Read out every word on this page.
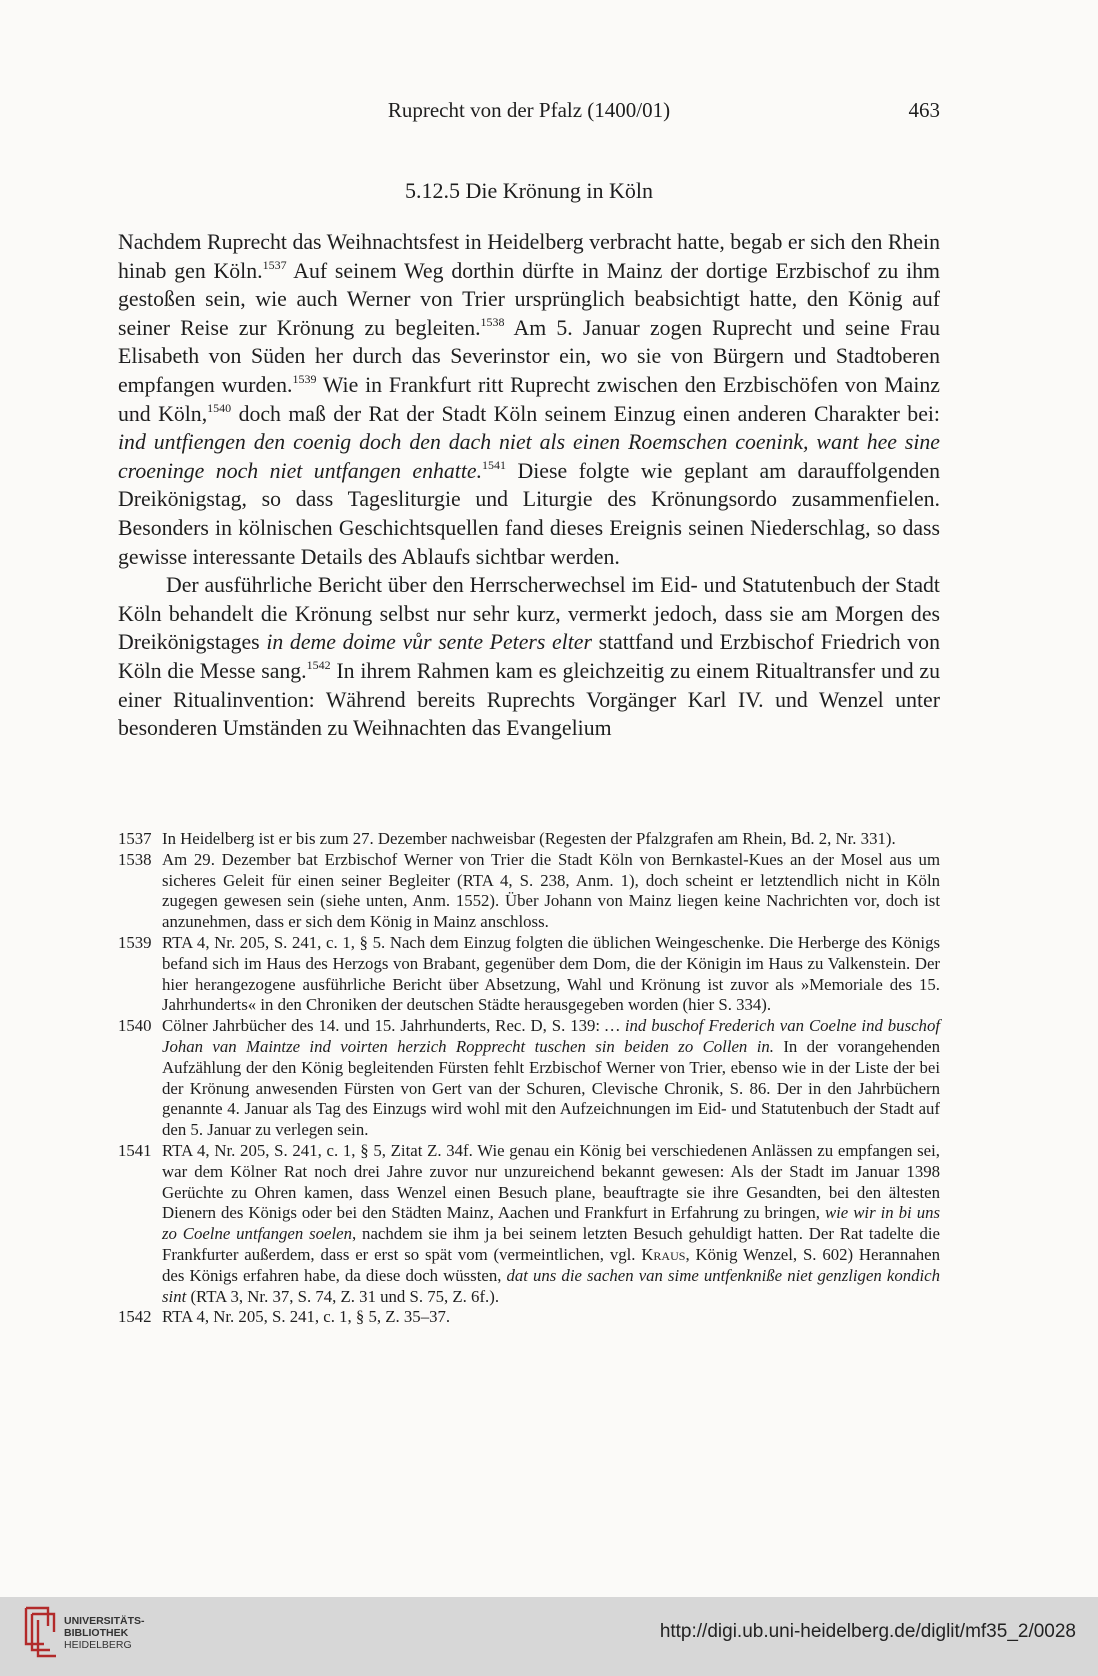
Ruprecht von der Pfalz (1400/01)	463
5.12.5 Die Krönung in Köln

Nachdem Ruprecht das Weihnachtsfest in Heidelberg verbracht hatte, begab er sich den Rhein hinab gen Köln.$^{1537}$ Auf seinem Weg dorthin dürfte in Mainz der dortige Erzbischof zu ihm gestoßen sein, wie auch Werner von Trier ursprünglich beabsichtigt hatte, den König auf seiner Reise zur Krönung zu begleiten.$^{1538}$ Am 5. Januar zogen Ruprecht und seine Frau Elisabeth von Süden her durch das Severinstor ein, wo sie von Bürgern und Stadtoberen empfangen wurden.$^{1539}$ Wie in Frankfurt ritt Ruprecht zwischen den Erzbischöfen von Mainz und Köln,$^{1540}$ doch maß der Rat der Stadt Köln seinem Einzug einen anderen Charakter bei: ind untfiengen den coenig doch den dach niet als einen Roemschen coenink, want hee sine croeninge noch niet untfangen enhatte.$^{1541}$ Diese folgte wie geplant am darauffolgenden Dreikönigstag, so dass Tagesliturgie und Liturgie des Krönungsordo zusammenfielen. Besonders in kölnischen Geschichtsquellen fand dieses Ereignis seinen Niederschlag, so dass gewisse interessante Details des Ablaufs sichtbar werden.

Der ausführliche Bericht über den Herrscherwechsel im Eid- und Statutenbuch der Stadt Köln behandelt die Krönung selbst nur sehr kurz, vermerkt jedoch, dass sie am Morgen des Dreikönigstages in deme doime vůr sente Peters elter stattfand und Erzbischof Friedrich von Köln die Messe sang.$^{1542}$ In ihrem Rahmen kam es gleichzeitig zu einem Ritualtransfer und zu einer Ritualinvention: Während bereits Ruprechts Vorgänger Karl IV. und Wenzel unter besonderen Umständen zu Weihnachten das Evangelium

1537 In Heidelberg ist er bis zum 27. Dezember nachweisbar (Regesten der Pfalzgrafen am Rhein, Bd. 2, Nr. 331).
1538 Am 29. Dezember bat Erzbischof Werner von Trier die Stadt Köln von Bernkastel-Kues an der Mosel aus um sicheres Geleit für einen seiner Begleiter (RTA 4, S. 238, Anm. 1), doch scheint er letztendlich nicht in Köln zugegen gewesen sein (siehe unten, Anm. 1552). Über Johann von Mainz liegen keine Nachrichten vor, doch ist anzunehmen, dass er sich dem König in Mainz anschloss.
1539 RTA 4, Nr. 205, S. 241, c. 1, § 5. Nach dem Einzug folgten die üblichen Weingeschenke. Die Herberge des Königs befand sich im Haus des Herzogs von Brabant, gegenüber dem Dom, die der Königin im Haus zu Valkenstein. Der hier herangezogene ausführliche Bericht über Absetzung, Wahl und Krönung ist zuvor als »Memoriale des 15. Jahrhunderts« in den Chroniken der deutschen Städte herausgegeben worden (hier S. 334).
1540 Cölner Jahrbücher des 14. und 15. Jahrhunderts, Rec. D, S. 139: … ind buschof Frederich van Coelne ind buschof Johan van Maintze ind voirten herzich Ropprecht tuschen sin beiden zo Collen in. In der vorangehenden Aufzählung der den König begleitenden Fürsten fehlt Erzbischof Werner von Trier, ebenso wie in der Liste der bei der Krönung anwesenden Fürsten von Gert van der Schuren, Clevische Chronik, S. 86. Der in den Jahrbüchern genannte 4. Januar als Tag des Einzugs wird wohl mit den Aufzeichnungen im Eid- und Statutenbuch der Stadt auf den 5. Januar zu verlegen sein.
1541 RTA 4, Nr. 205, S. 241, c. 1, § 5, Zitat Z. 34f. Wie genau ein König bei verschiedenen Anlässen zu empfangen sei, war dem Kölner Rat noch drei Jahre zuvor nur unzureichend bekannt gewesen: Als der Stadt im Januar 1398 Gerüchte zu Ohren kamen, dass Wenzel einen Besuch plane, beauftragte sie ihre Gesandten, bei den ältesten Dienern des Königs oder bei den Städten Mainz, Aachen und Frankfurt in Erfahrung zu bringen, wie wir in bi uns zo Coelne untfangen soelen, nachdem sie ihm ja bei seinem letzten Besuch gehuldigt hatten. Der Rat tadelte die Frankfurter außerdem, dass er erst so spät vom (vermeintlichen, vgl. Kraus, König Wenzel, S. 602) Herannahen des Königs erfahren habe, da diese doch wüssten, dat uns die sachen van sime untfenkniße niet genzligen kondich sint (RTA 3, Nr. 37, S. 74, Z. 31 und S. 75, Z. 6f.).
1542 RTA 4, Nr. 205, S. 241, c. 1, § 5, Z. 35–37.
UNIVERSITÄTS-
BIBLIOTHEK
HEIDELBERG
http://digi.ub.uni-heidelberg.de/diglit/mf35_2/0028
